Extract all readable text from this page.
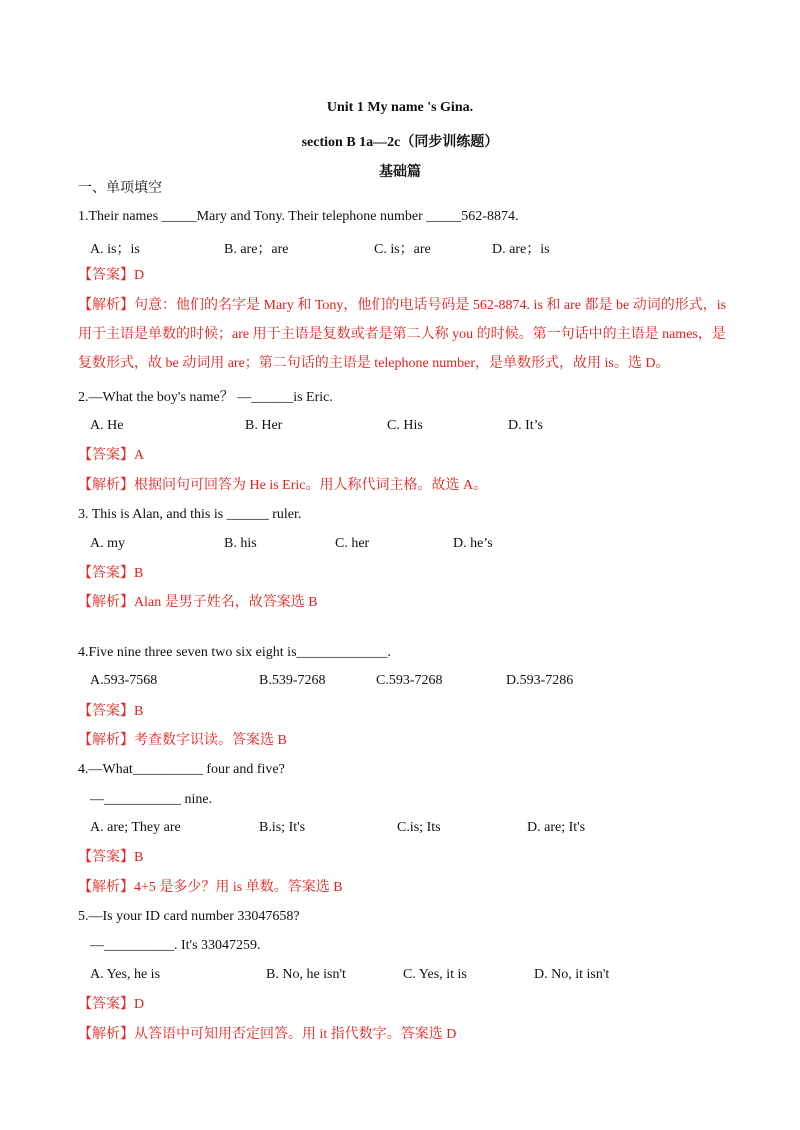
Unit 1 My name 's Gina.
section B 1a—2c（同步训练题）
基础篇
一、单项填空
1.Their names _____Mary and Tony. Their telephone number _____562-8874.
A. is；is	B. are；are	C. is；are	D. are；is
【答案】D
【解析】句意：他们的名字是 Mary 和 Tony，他们的电话号码是 562-8874. is 和 are 都是 be 动词的形式，is 用于主语是单数的时候；are 用于主语是复数或者是第二人称 you 的时候。第一句话中的主语是 names，是复数形式，故 be 动词用 are；第二句话的主语是 telephone number，是单数形式，故用 is。选 D。
2.—What the boy's name？ —______is Eric.
A. He	B. Her	C. His	D. It’s
【答案】A
【解析】根据问句可回答为 He is Eric。用人称代词主格。故选 A。
3. This is Alan, and this is ______ ruler.
A. my	B. his	C. her	D. he’s
【答案】B
【解析】Alan 是男子姓名，故答案选 B
4.Five nine three seven two six eight is_____________.
A.593-7568	B.539-7268	C.593-7268	D.593-7286
【答案】B
【解析】考查数字识读。答案选 B
4.—What__________ four and five?
—___________ nine.
A. are; They are	B.is; It's	C.is; Its	D. are; It's
【答案】B
【解析】4+5 是多少？用 is 单数。答案选 B
5.—Is your ID card number 33047658?
—__________. It's 33047259.
A. Yes, he is	B. No, he isn't	C. Yes, it is	D. No, it isn't
【答案】D
【解析】从答语中可知用否定回答。用 it 指代数字。答案选 D
